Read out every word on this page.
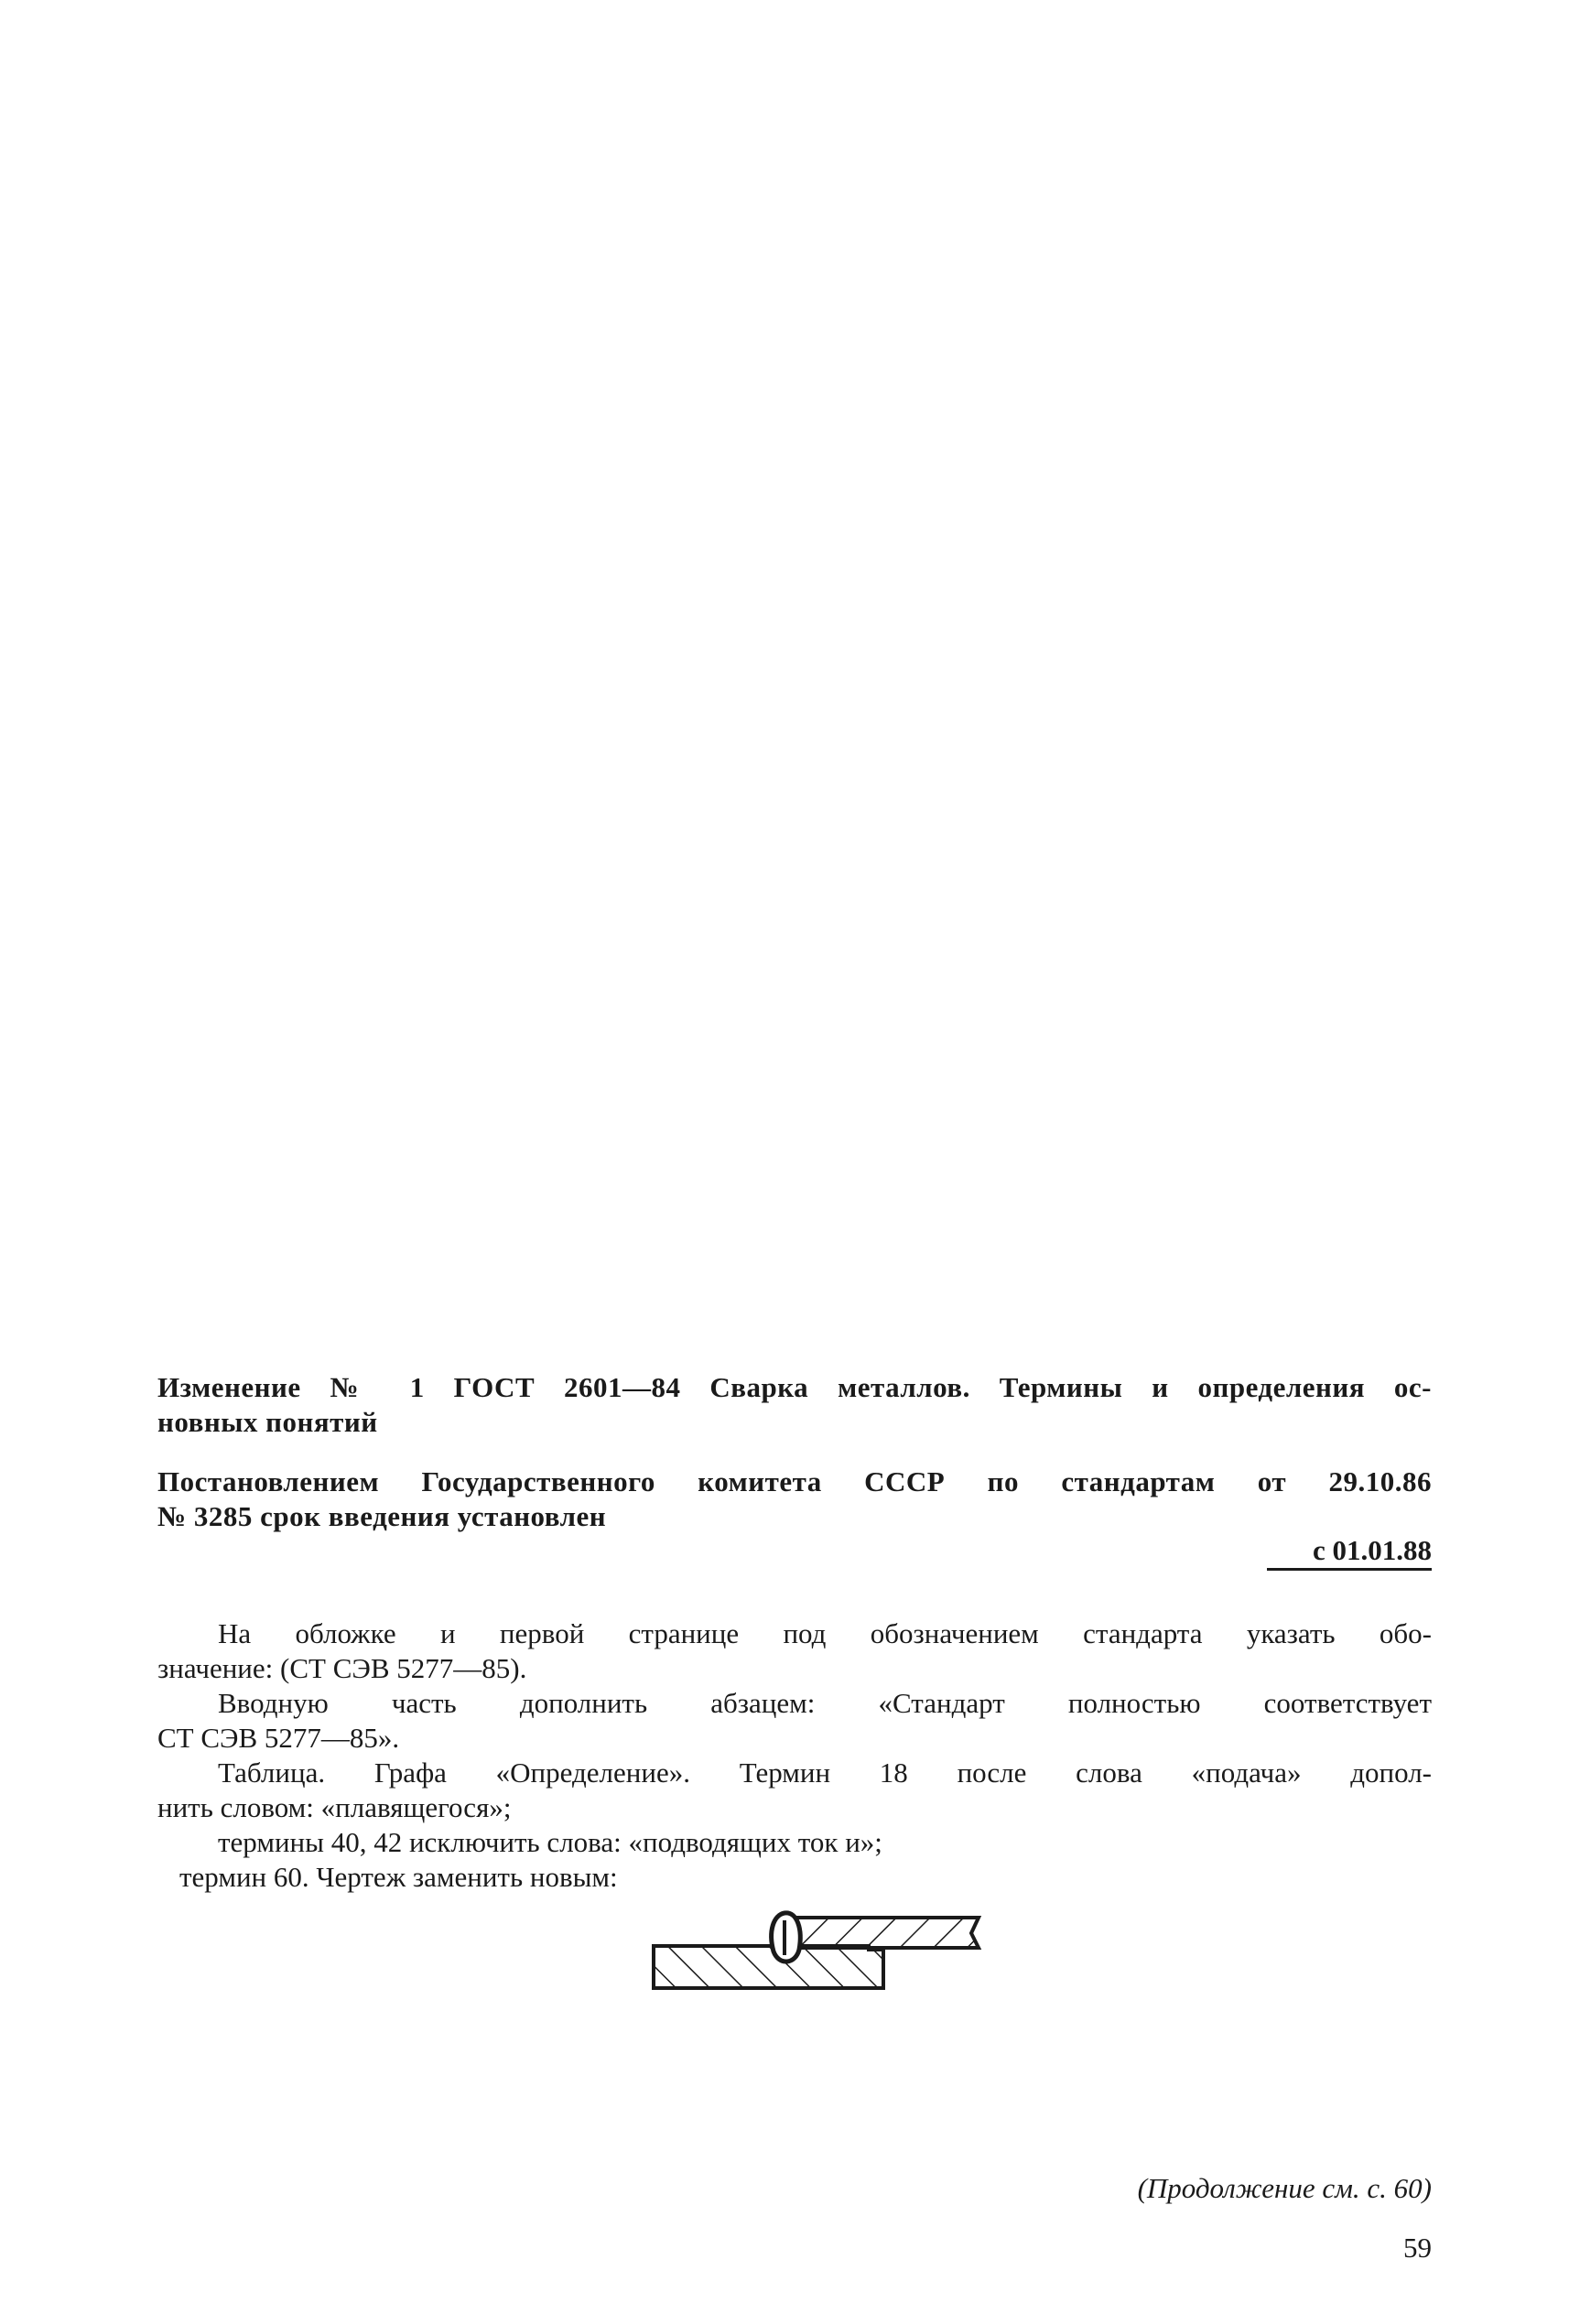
Изменение № 1 ГОСТ 2601—84 Сварка металлов. Термины и определения ос-
новных понятий
Постановлением Государственного комитета СССР по стандартам от 29.10.86
№ 3285 срок введения установлен
с 01.01.88
На обложке и первой странице под обозначением стандарта указать обо-
значение: (СТ СЭВ 5277—85).
Вводную часть дополнить абзацем: «Стандарт полностью соответствует
СТ СЭВ 5277—85».
Таблица. Графа «Определение». Термин 18 после слова «подача» допол-
нить словом: «плавящегося»;
термины 40, 42 исключить слова: «подводящих ток и»;
термин 60. Чертеж заменить новым:
(Продолжение см. с. 60)
59
